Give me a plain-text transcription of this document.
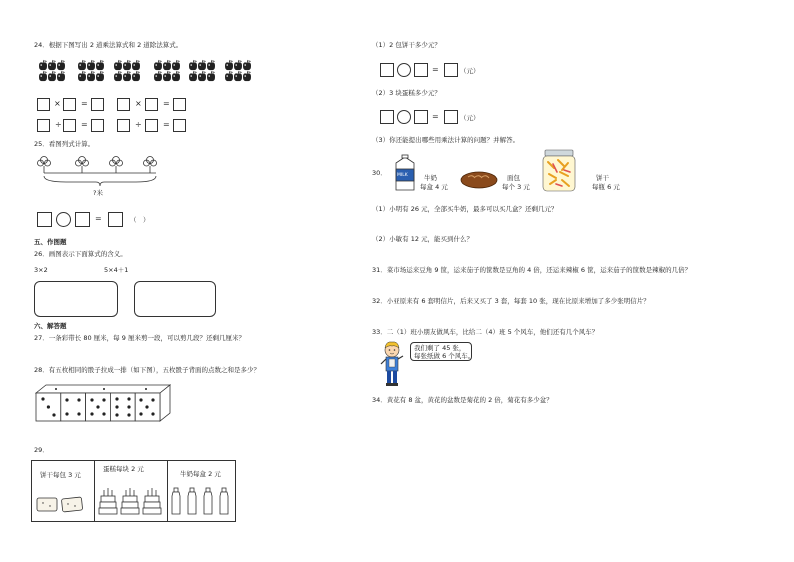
24．根据下图写出 2 道乘法算式和 2 道除法算式。
×	=	×	=
÷ =	÷	=
25．看图列式计算。
?米
=	（　）
五、作图题
26．画图表示下面算式的含义。
3×2	5×4＋1
六、解答题
27．一条彩带长 80 厘米，每 9 厘米剪一段，可以剪几段？还剩几厘米？
28．有五枚相同的骰子拉成一排（如下图），五枚骰子背面的点数之和是多少？
29．
饼干每包 3 元
蛋糕每块 2 元
牛奶每盒 2 元
（1）2 包饼干多少元？
=	（元）
（2）3 块蛋糕多少元？
=	（元）
（3）你还能提出哪些用乘法计算的问题？并解答。
30． MILK	牛奶
每盒 4 元
面包
每个 3 元
饼干
每瓶 6 元
（1）小明有 26 元，全部买牛奶，最多可以买几盒？还剩几元？
（2）小敏有 12 元，能买到什么？
31．菜市场运来豆角 9 筐，运来茄子的筐数是豆角的 4 倍，还运来辣椒 6 筐，运来茄子的筐数是辣椒的几倍？
32．小亚原来有 6 套明信片，后来又买了 3 套，每套 10 张，现在比原来增加了多少张明信片？
33．二（1）班小朋友做风车，比给二（4）班 5 个风车，他们还有几个风车？
我们剩了 45 张，
每张纸做 6 个风车。
34．黄花有 8 盆，黄花的盆数是菊花的 2 倍，菊花有多少盆？
